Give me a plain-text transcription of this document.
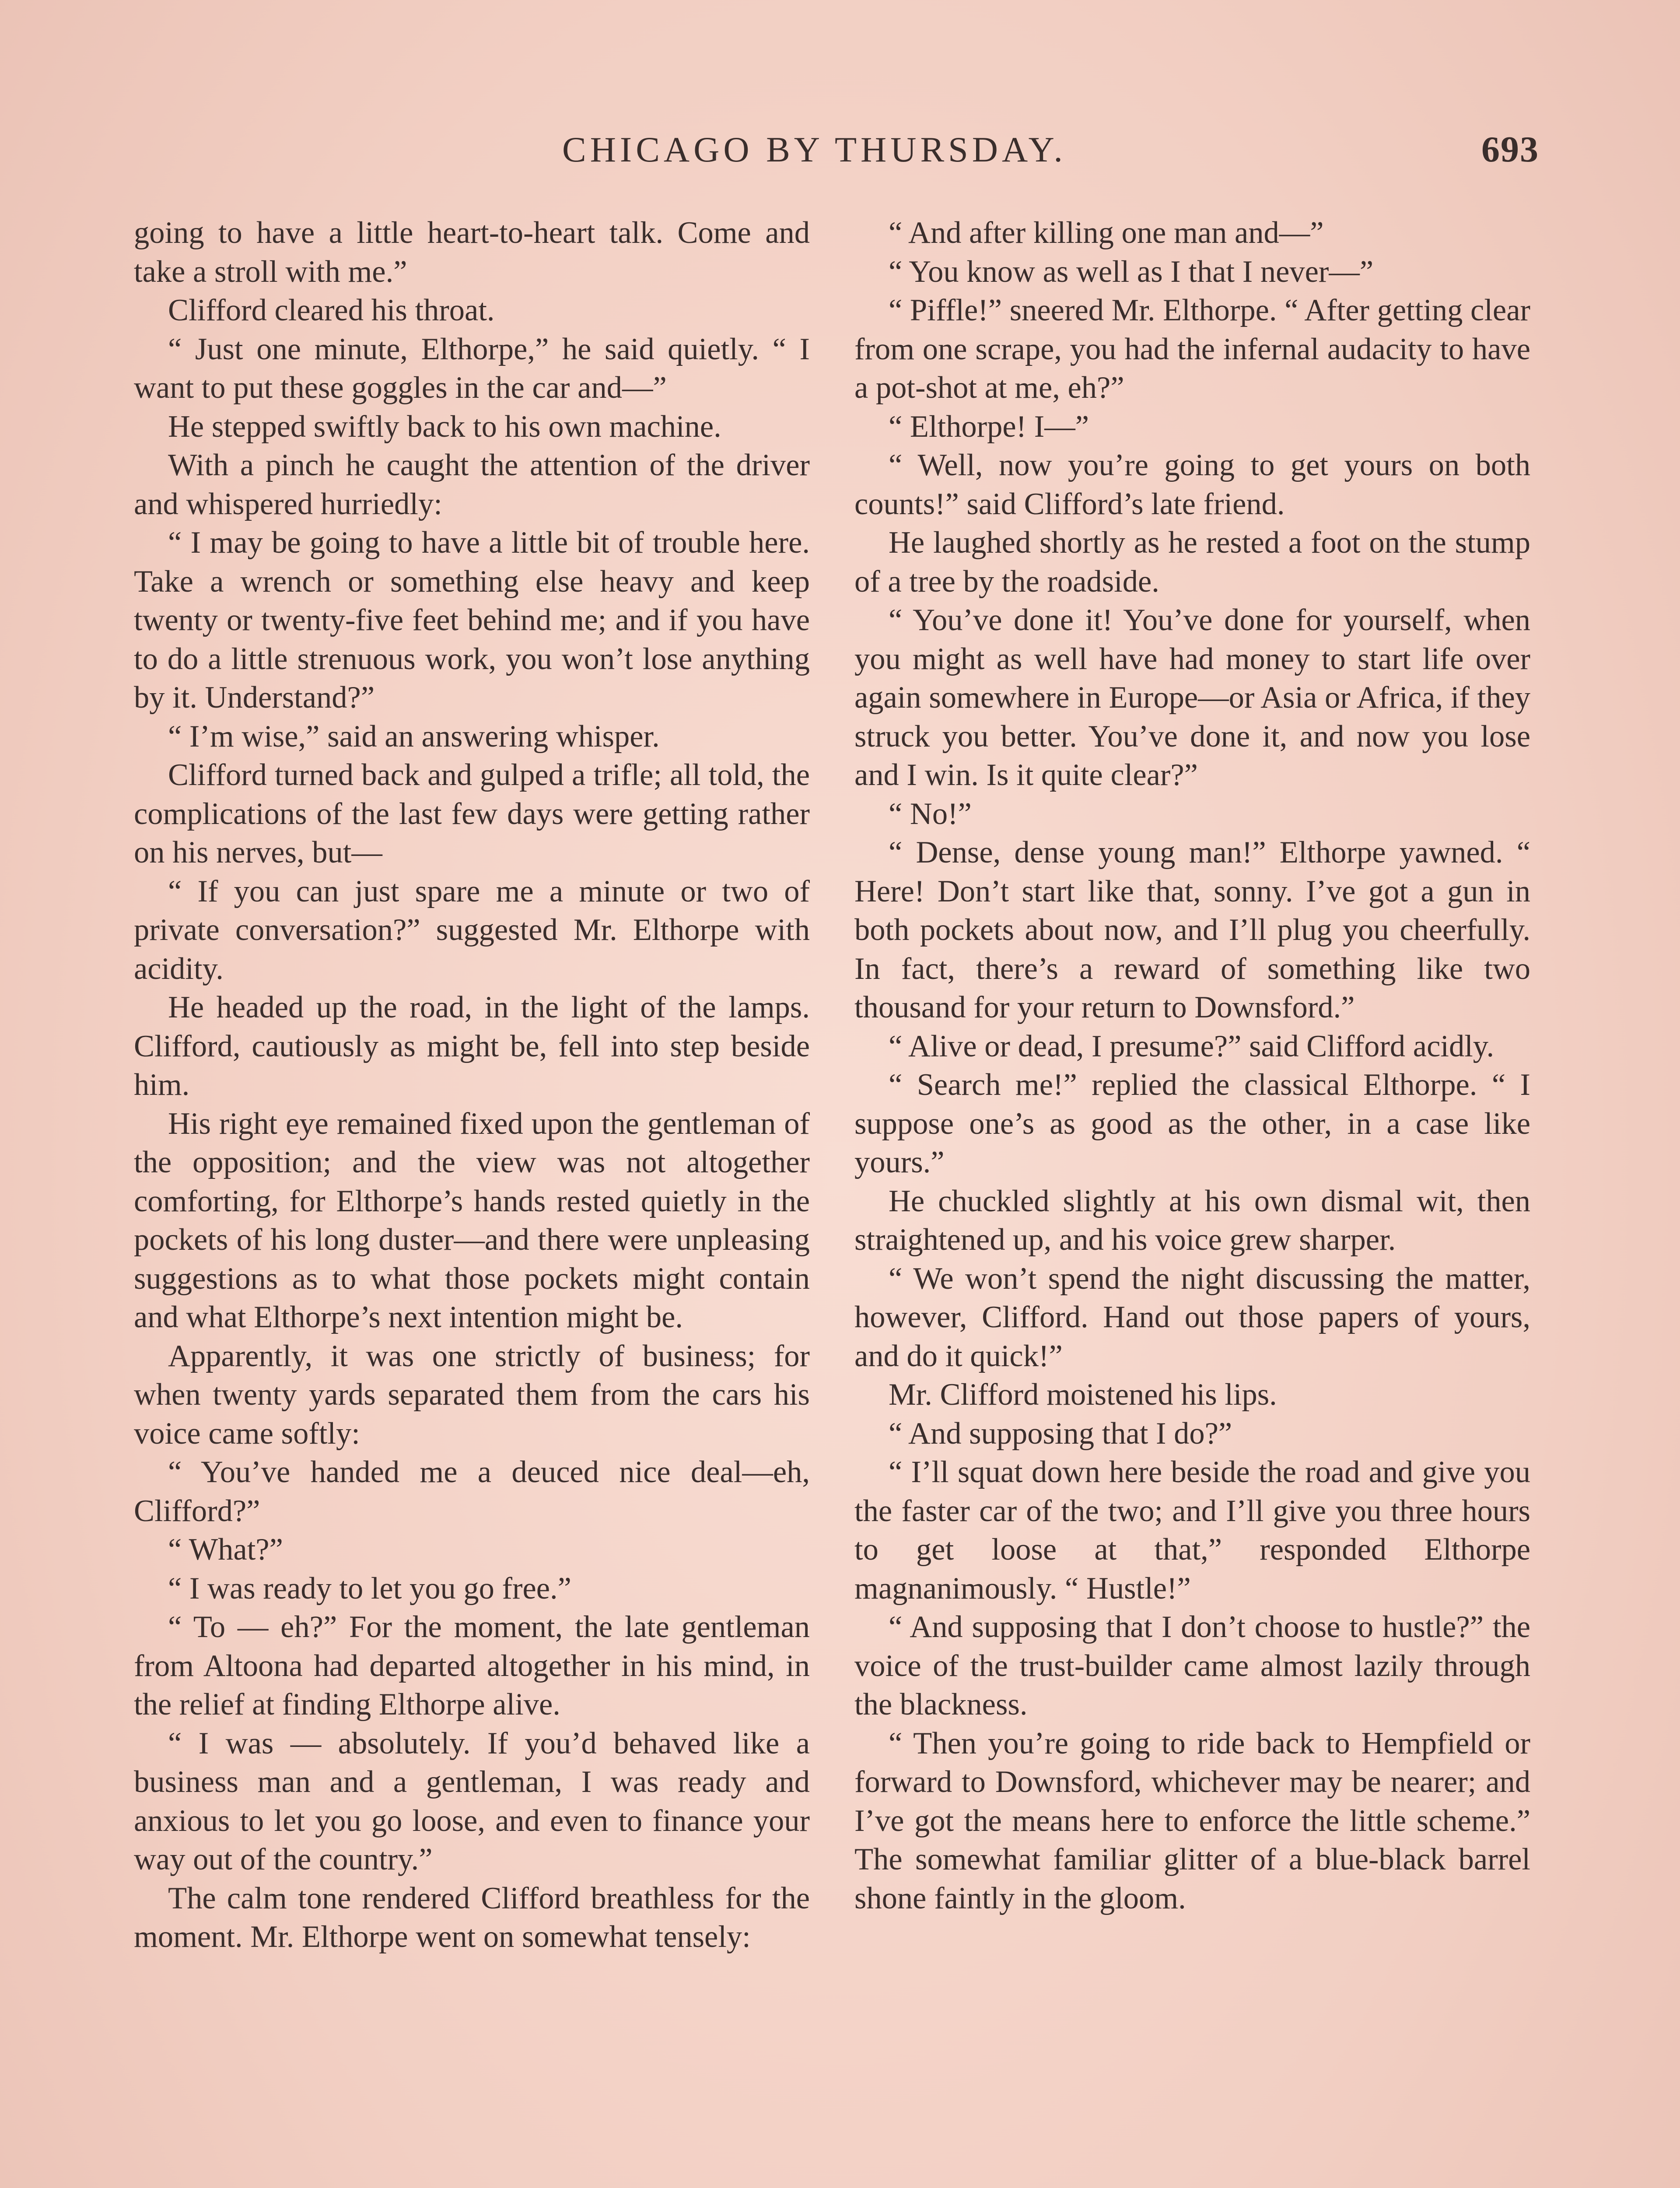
CHICAGO BY THURSDAY.	693

going to have a little heart-to-heart talk. Come and take a stroll with me.”

Clifford cleared his throat.

“ Just one minute, Elthorpe,” he said quietly. “ I want to put these goggles in the car and—”

He stepped swiftly back to his own machine.

With a pinch he caught the attention of the driver and whispered hurriedly:

“ I may be going to have a little bit of trouble here. Take a wrench or something else heavy and keep twenty or twenty-five feet behind me; and if you have to do a little strenuous work, you won’t lose anything by it. Understand?”

“ I’m wise,” said an answering whisper.

Clifford turned back and gulped a trifle; all told, the complications of the last few days were getting rather on his nerves, but—

“ If you can just spare me a minute or two of private conversation?” suggested Mr. Elthorpe with acidity.

He headed up the road, in the light of the lamps. Clifford, cautiously as might be, fell into step beside him.

His right eye remained fixed upon the gentleman of the opposition; and the view was not altogether comforting, for Elthorpe’s hands rested quietly in the pockets of his long duster—and there were unpleasing suggestions as to what those pockets might contain and what Elthorpe’s next intention might be.

Apparently, it was one strictly of business; for when twenty yards separated them from the cars his voice came softly:

“ You’ve handed me a deuced nice deal—eh, Clifford?”

“ What?”

“ I was ready to let you go free.”

“ To — eh?” For the moment, the late gentleman from Altoona had departed altogether in his mind, in the relief at finding Elthorpe alive.

“ I was — absolutely. If you’d behaved like a business man and a gentleman, I was ready and anxious to let you go loose, and even to finance your way out of the country.”

The calm tone rendered Clifford breathless for the moment. Mr. Elthorpe went on somewhat tensely:

“ And after killing one man and—”

“ You know as well as I that I never—”

“ Piffle!” sneered Mr. Elthorpe. “ After getting clear from one scrape, you had the infernal audacity to have a pot-shot at me, eh?”

“ Elthorpe! I—”

“ Well, now you’re going to get yours on both counts!” said Clifford’s late friend.

He laughed shortly as he rested a foot on the stump of a tree by the roadside.

“ You’ve done it! You’ve done for yourself, when you might as well have had money to start life over again somewhere in Europe—or Asia or Africa, if they struck you better. You’ve done it, and now you lose and I win. Is it quite clear?”

“ No!”

“ Dense, dense young man!” Elthorpe yawned. “ Here! Don’t start like that, sonny. I’ve got a gun in both pockets about now, and I’ll plug you cheerfully. In fact, there’s a reward of something like two thousand for your return to Downsford.”

“ Alive or dead, I presume?” said Clifford acidly.

“ Search me!” replied the classical Elthorpe. “ I suppose one’s as good as the other, in a case like yours.”

He chuckled slightly at his own dismal wit, then straightened up, and his voice grew sharper.

“ We won’t spend the night discussing the matter, however, Clifford. Hand out those papers of yours, and do it quick!”

Mr. Clifford moistened his lips.

“ And supposing that I do?”

“ I’ll squat down here beside the road and give you the faster car of the two; and I’ll give you three hours to get loose at that,” responded Elthorpe magnanimously. “ Hustle!”

“ And supposing that I don’t choose to hustle?” the voice of the trust-builder came almost lazily through the blackness.

“ Then you’re going to ride back to Hempfield or forward to Downsford, whichever may be nearer; and I’ve got the means here to enforce the little scheme.” The somewhat familiar glitter of a blue-black barrel shone faintly in the gloom.
